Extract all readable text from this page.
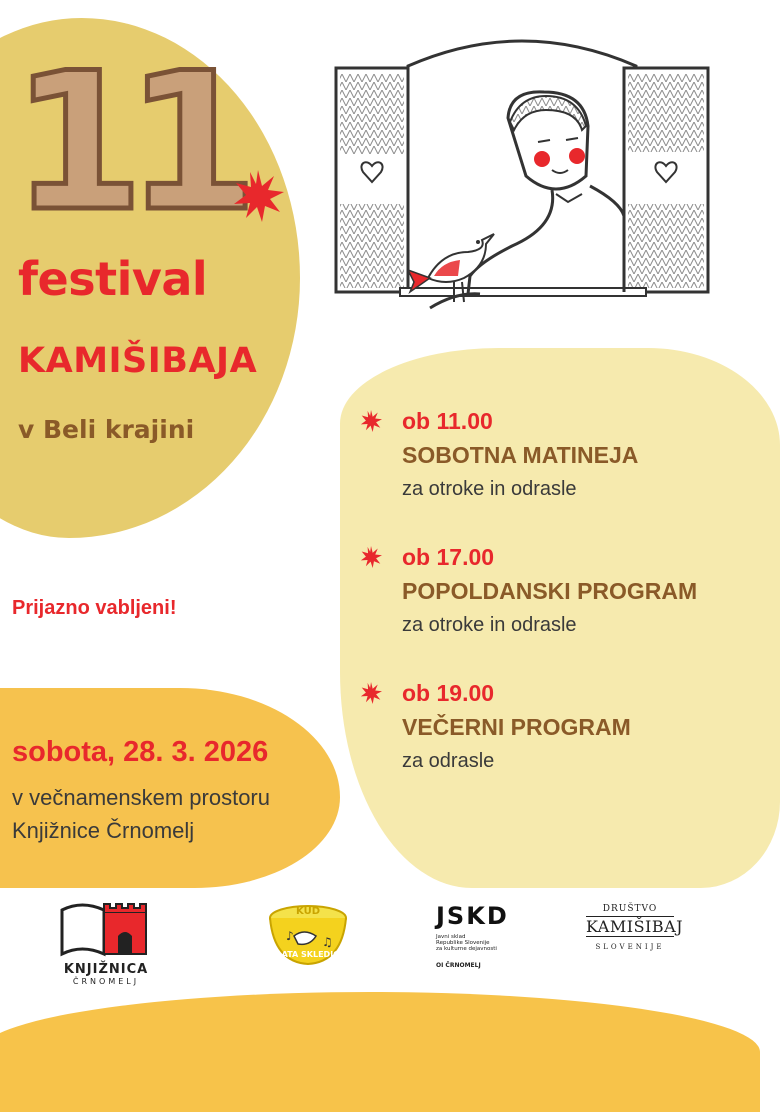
11
festival
KAMIŠIBAJA
v Beli krajini
Prijazno vabljeni!
sobota, 28. 3. 2026
v večnamenskem prostoru
Knjižnice Črnomelj
ob 11.00
SOBOTNA MATINEJA
za otroke in odrasle
ob 17.00
POPOLDANSKI PROGRAM
za otroke in odrasle
ob 19.00
VEČERNI PROGRAM
za odrasle
KNJIŽNICA
ČRNOMELJ
♪ ♫
KUD
ZLATA SKLEDICA
JSKD
Javni sklad
Republike Slovenije
za kulturne dejavnosti
OI ČRNOMELJ
DRUŠTVO
KAMIŠIBAJ
SLOVENIJE
